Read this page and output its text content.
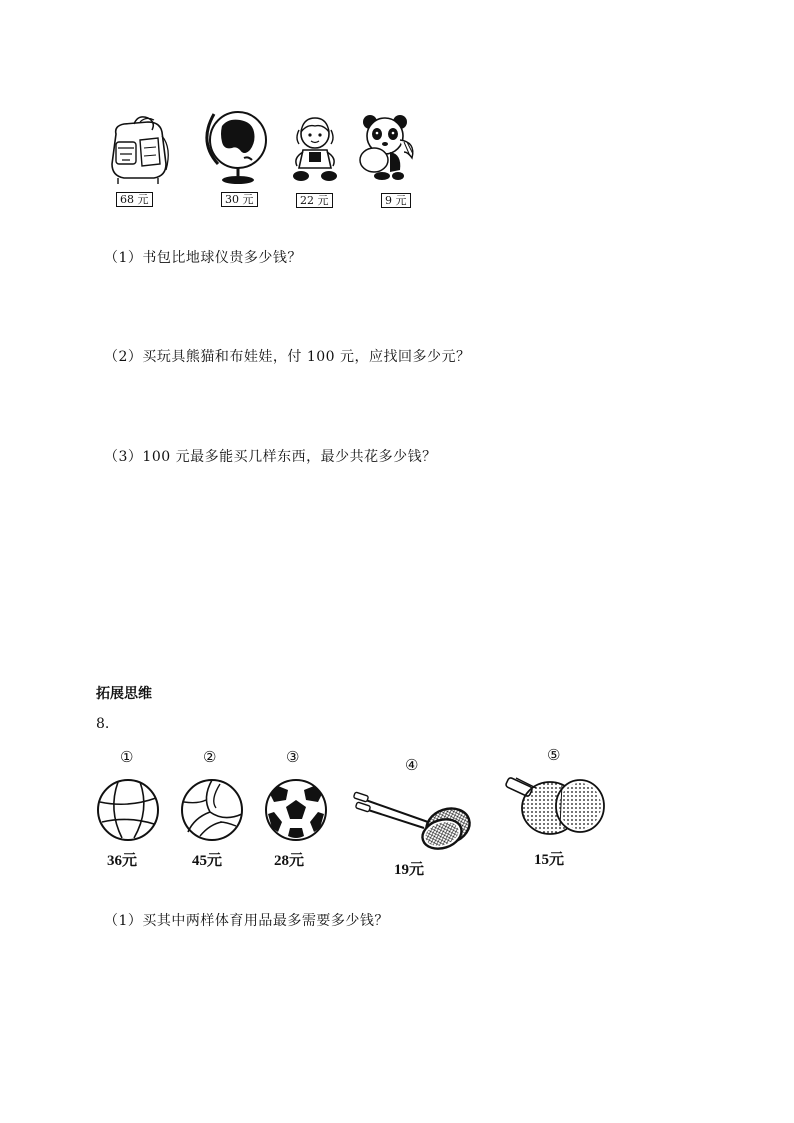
68 元	30 元	22 元	9 元
（1）书包比地球仪贵多少钱？
（2）买玩具熊猫和布娃娃，付 100 元，应找回多少元？
（3）100 元最多能买几样东西，最少共花多少钱？
拓展思维
8.
①	②	③	④
⑤
36元	45元	28元
19元
15元
（1）买其中两样体育用品最多需要多少钱？
